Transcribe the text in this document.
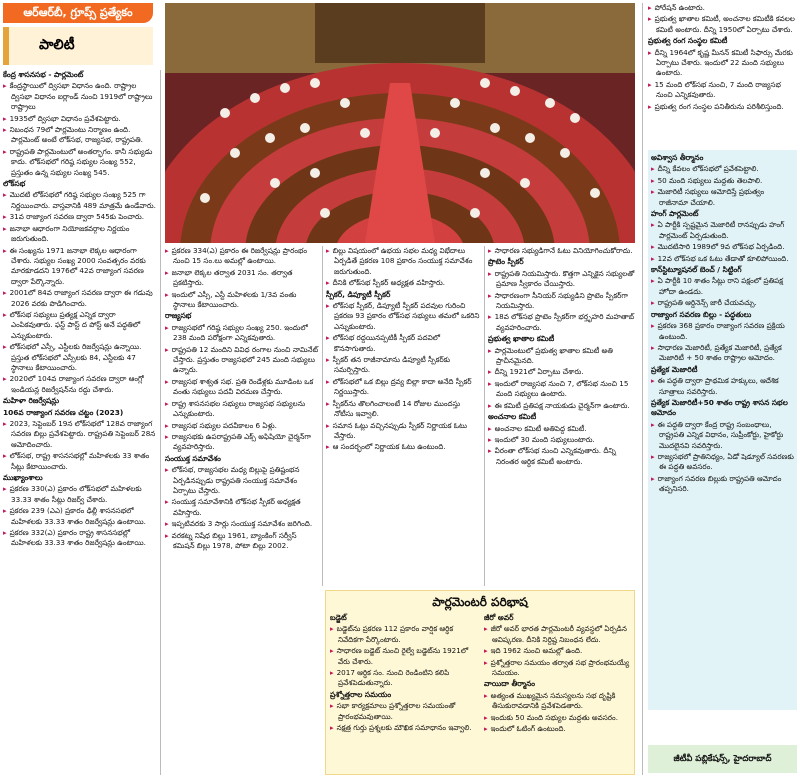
ఆర్ఆర్‌బీ, గ్రూప్స్ ప్రత్యేకం
పాలిటీ

కేంద్ర శాసనసభ - పార్లమెంట్

▸ కేంద్రస్థాయిలో ద్విసభా విధానం ఉంది. రాష్ట్రాల ద్విసభా విధానం ఐర్లాండ్ నుంచి 1919లో రాష్ట్రాలు రాష్ట్రాలు

▸ 1935లో ద్విసభా విధానం ప్రవేశపెట్టారు.

▸ నిబంధన 79లో పార్లమెంటు నిర్మాణం ఉంది. పార్లమెంట్ అంటే లోక్‌సభ, రాజ్యసభ, రాష్ట్రపతి.

▸ రాష్ట్రపతి పార్లమెంటులో అంతర్భాగం. కానీ సభ్యుడు కాదు. లోక్‌సభలో గరిష్ఠ సభ్యుల సంఖ్య 552, ప్రస్తుతం ఉన్న సభ్యుల సంఖ్య 545.

లోక్‌సభ

▸ మొదటి లోక్‌సభలో గరిష్ఠ సభ్యుల సంఖ్య 525 గా నిర్ణయించారు. వాస్తవానికి 489 మాత్రమే ఉండేవారు.

▸ 31వ రాజ్యాంగ సవరణ ద్వారా 545కు పెంచారు.

▸ జనాభా ఆధారంగా నియోజకవర్గాల నిర్ణయం జరుగుతుంది.

▸ ఈ సంఖ్యను 1971 జనాభా లెక్కల ఆధారంగా చేశారు. సభ్యుల సంఖ్య 2000 సంవత్సరం వరకు మారకూడదని 1976లో 42వ రాజ్యాంగ సవరణ ద్వారా పేర్కొన్నారు.

▸ 2001లో 84వ రాజ్యాంగ సవరణ ద్వారా ఈ గడువు 2026 వరకు పొడిగించారు.

▸ లోక్‌సభ సభ్యులు ప్రత్యక్ష ఎన్నిక ద్వారా ఎంపికవుతారు. ఫస్ట్ పాస్ట్ ద పోస్ట్ అనే పద్ధతిలో ఎన్నుకుంటారు.

▸ లోక్‌సభలో ఎస్సీ, ఎస్టీలకు రిజర్వేషన్లు ఉన్నాయి. ప్రస్తుత లోక్‌సభలో ఎస్సీలకు 84, ఎస్టీలకు 47 స్థానాలు కేటాయించారు.

▸ 2020లో 104వ రాజ్యాంగ సవరణ ద్వారా ఆంగ్లో ఇండియన్ల రిజర్వేషన్‌ను రద్దు చేశారు.

మహిళా రిజర్వేషన్లు

106వ రాజ్యాంగ సవరణ చట్టం (2023)

▸ 2023, సెప్టెంబర్ 19న లోక్‌సభలో 128వ రాజ్యాంగ సవరణ బిల్లు ప్రవేశపెట్టారు. రాష్ట్రపతి సెప్టెంబర్ 28న ఆమోదించారు.

▸ లోక్‌సభ, రాష్ట్ర శాసనసభల్లో మహిళలకు 33 శాతం సీట్లు కేటాయించారు.

ముఖ్యాంశాలు

▸ ప్రకరణ 330(ఎ) ప్రకారం లోక్‌సభలో మహిళలకు 33.33 శాతం సీట్లు రిజర్వ్ చేశారు.

▸ ప్రకరణ 239 (ఎఎ) ప్రకారం ఢిల్లీ శాసనసభలో మహిళలకు 33.33 శాతం రిజర్వేషన్లు ఉంటాయి.

▸ ప్రకరణ 332(ఎ) ప్రకారం రాష్ట్ర శాసనసభల్లో మహిళలకు 33.33 శాతం రిజర్వేషన్లు ఉంటాయి.

▸ ప్రకరణ 334(ఎ) ప్రకారం ఈ రిజర్వేషన్లు ప్రారంభం నుంచి 15 సం.లు అమల్లో ఉంటాయి.

▸ జనాభా లెక్కల తర్వాత 2031 సం. తర్వాత ప్రకటిస్తారు.

▸ ఇందులో ఎస్సీ, ఎస్టీ మహిళలకు 1/3వ వంతు స్థానాలు కేటాయించారు.

రాజ్యసభ

▸ రాజ్యసభలో గరిష్ఠ సభ్యుల సంఖ్య 250. ఇందులో 238 మంది పరోక్షంగా ఎన్నికవుతారు.

▸ రాష్ట్రపతి 12 మందిని వివిధ రంగాల నుంచి నామినేట్ చేస్తారు. ప్రస్తుతం రాజ్యసభలో 245 మంది సభ్యులు ఉన్నారు.

▸ రాజ్యసభ శాశ్వత సభ. ప్రతి రెండేళ్లకు మూడింట ఒక వంతు సభ్యులు పదవీ విరమణ చేస్తారు.

▸ రాష్ట్ర శాసనసభల సభ్యులు రాజ్యసభ సభ్యులను ఎన్నుకుంటారు.

▸ రాజ్యసభ సభ్యుల పదవీకాలం 6 ఏళ్లు.

▸ రాజ్యసభకు ఉపరాష్ట్రపతి ఎక్స్ అఫిషియో చైర్మన్‌గా వ్యవహరిస్తారు.

సంయుక్త సమావేశం

▸ లోక్‌సభ, రాజ్యసభల మధ్య బిల్లుపై ప్రతిష్టంభన ఏర్పడినప్పుడు రాష్ట్రపతి సంయుక్త సమావేశం ఏర్పాటు చేస్తారు.

▸ సంయుక్త సమావేశానికి లోక్‌సభ స్పీకర్ అధ్యక్షత వహిస్తారు.

▸ ఇప్పటివరకు 3 సార్లు సంయుక్త సమావేశం జరిగింది.

▸ వరకట్న నిషేధ బిల్లు 1961, బ్యాంకింగ్ సర్వీస్ కమిషన్ బిల్లు 1978, పోటా బిల్లు 2002.

▸ బిల్లు విషయంలో ఉభయ సభల మధ్య విభేదాలు ఏర్పడితే ప్రకరణ 108 ప్రకారం సంయుక్త సమావేశం జరుగుతుంది.

▸ దీనికి లోక్‌సభ స్పీకర్ అధ్యక్షత వహిస్తారు.

స్పీకర్, డిప్యూటీ స్పీకర్

▸ లోక్‌సభ స్పీకర్, డిప్యూటీ స్పీకర్ పదవుల గురించి ప్రకరణ 93 ప్రకారం లోక్‌సభ సభ్యులు తమలో ఒకరిని ఎన్నుకుంటారు.

▸ లోక్‌సభ రద్దయినప్పటికీ స్పీకర్ పదవిలో కొనసాగుతారు.

▸ స్పీకర్ తన రాజీనామాను డిప్యూటీ స్పీకర్‌కు సమర్పిస్తారు.

▸ లోక్‌సభలో ఒక బిల్లు ద్రవ్య బిల్లా కాదా అనేది స్పీకర్ నిర్ణయిస్తారు.

▸ స్పీకర్‌ను తొలగించాలంటే 14 రోజుల ముందస్తు నోటీసు ఇవ్వాలి.

▸ సమాన ఓట్లు వచ్చినప్పుడు స్పీకర్ నిర్ణాయక ఓటు వేస్తారు.

▸ ఆ సందర్భంలో నిర్ణాయక ఓటు ఉంటుంది.

▸ సాధారణ సభ్యుడిగానే ఓటు వినియోగించుకోరాదు.

ప్రొటెం స్పీకర్

▸ రాష్ట్రపతి నియమిస్తారు. కొత్తగా ఎన్నికైన సభ్యులతో ప్రమాణ స్వీకారం చేయిస్తారు.

▸ సాధారణంగా సీనియర్ సభ్యుడిని ప్రొటెం స్పీకర్‌గా నియమిస్తారు.

▸ 18వ లోక్‌సభ ప్రొటెం స్పీకర్‌గా భర్తృహరి మహతాబ్ వ్యవహరించారు.

ప్రభుత్వ ఖాతాల కమిటీ

▸ పార్లమెంటులో ప్రభుత్వ ఖాతాల కమిటీ అతి ప్రాచీనమైనది.

▸ దీన్ని 1921లో ఏర్పాటు చేశారు.

▸ ఇందులో రాజ్యసభ నుంచి 7, లోక్‌సభ నుంచి 15 మంది సభ్యులు ఉంటారు.

▸ ఈ కమిటీ ప్రతిపక్ష నాయకుడు చైర్మన్‌గా ఉంటారు.

అంచనాల కమిటీ

▸ అంచనాల కమిటీ అతిపెద్ద కమిటీ.

▸ ఇందులో 30 మంది సభ్యులుంటారు.

▸ వీరంతా లోక్‌సభ నుంచి ఎన్నికవుతారు. దీన్ని నిరంతర ఆర్థిక కమిటీ అంటారు.

▸ పోరేషన్ ఉంటారు.

▸ ప్రభుత్వ ఖాతాల కమిటీ, అంచనాల కమిటీకి కవలల కమిటీ అంటారు. దీన్ని 1950లో ఏర్పాటు చేశారు.

ప్రభుత్వ రంగ సంస్థల కమిటీ

▸ దీన్ని 1964లో కృష్ణ మీనన్ కమిటీ సిఫార్సు మేరకు ఏర్పాటు చేశారు. ఇందులో 22 మంది సభ్యులు ఉంటారు.

▸ 15 మంది లోక్‌సభ నుంచి, 7 మంది రాజ్యసభ నుంచి ఎన్నికవుతారు.

▸ ప్రభుత్వ రంగ సంస్థల పనితీరును పరిశీలిస్తుంది.

అవిశ్వాస తీర్మానం

▸ దీన్ని కేవలం లోక్‌సభలో ప్రవేశపెట్టాలి.

▸ 50 మంది సభ్యులు మద్దతు తెలపాలి.

▸ మెజారిటీ సభ్యులు ఆమోదిస్తే ప్రభుత్వం రాజీనామా చేయాలి.

హంగ్ పార్లమెంట్

▸ ఏ పార్టీకి స్పష్టమైన మెజారిటీ రానప్పుడు హంగ్ పార్లమెంట్ ఏర్పడుతుంది.

▸ మొదటిసారి 1989లో 9వ లోక్‌సభ ఏర్పడింది.

▸ 12వ లోక్‌సభ ఒక ఓటు తేడాతో కూలిపోయింది.

కాన్‌స్టిట్యూషనల్ బెంచ్ / సిట్టింగ్

▸ ఏ పార్టీకి 10 శాతం సీట్లు రాని పక్షంలో ప్రతిపక్ష హోదా ఉండదు.

▸ రాష్ట్రపతి ఆర్డినెన్స్ జారీ చేయవచ్చు.

రాజ్యాంగ సవరణ బిల్లు - పద్ధతులు

▸ ప్రకరణ 368 ప్రకారం రాజ్యాంగ సవరణ ప్రక్రియ ఉంటుంది.

▸ సాధారణ మెజారిటీ, ప్రత్యేక మెజారిటీ, ప్రత్యేక మెజారిటీ + 50 శాతం రాష్ట్రాల ఆమోదం.

ప్రత్యేక మెజారిటీ

▸ ఈ పద్ధతి ద్వారా ప్రాథమిక హక్కులు, ఆదేశిక సూత్రాలు సవరిస్తారు.

ప్రత్యేక మెజారిటీ+50 శాతం రాష్ట్ర శాసన సభల ఆమోదం

▸ ఈ పద్ధతి ద్వారా కేంద్ర రాష్ట్ర సంబంధాలు, రాష్ట్రపతి ఎన్నిక విధానం, సుప్రీంకోర్టు, హైకోర్టు మొదలైనవి సవరిస్తారు.

▸ రాజ్యసభలో ప్రాతినిధ్యం, ఏడో షెడ్యూల్ సవరణకు ఈ పద్ధతి అవసరం.

▸ రాజ్యాంగ సవరణ బిల్లుకు రాష్ట్రపతి ఆమోదం తప్పనిసరి.

పార్లమెంటరీ పరిభాష

బడ్జెట్

▸ బడ్జెట్‌ను ప్రకరణ 112 ప్రకారం వార్షిక ఆర్థిక నివేదికగా పేర్కొంటారు.

▸ సాధారణ బడ్జెట్ నుంచి రైల్వే బడ్జెట్‌ను 1921లో వేరు చేశారు.

▸ 2017 ఆర్థిక సం. నుంచి రెండింటిని కలిపి ప్రవేశపెడుతున్నారు.

ప్రశ్నోత్తరాల సమయం

▸ సభా కార్యక్రమాలు ప్రశ్నోత్తరాల సమయంతో ప్రారంభమవుతాయి.

▸ నక్షత్ర గుర్తు ప్రశ్నలకు మౌఖిక సమాధానం ఇవ్వాలి.

జీరో అవర్

▸ జీరో అవర్ భారత పార్లమెంటరీ వ్యవస్థలో ఏర్పడిన ఆవిష్కరణ. దీనికి నిర్దిష్ట నిబంధన లేదు.

▸ ఇది 1962 నుంచి అమల్లో ఉంది.

▸ ప్రశ్నోత్తరాల సమయం తర్వాత సభ ప్రారంభమయ్యే సమయం.

వాయిదా తీర్మానం

▸ అత్యంత ముఖ్యమైన సమస్యలను సభ దృష్టికి తీసుకురావడానికి ప్రవేశపెడతారు.

▸ ఇందుకు 50 మంది సభ్యుల మద్దతు అవసరం.

▸ ఇందులో ఓటింగ్ ఉంటుంది.

జీటీవీ పబ్లికేషన్స్, హైదరాబాద్
